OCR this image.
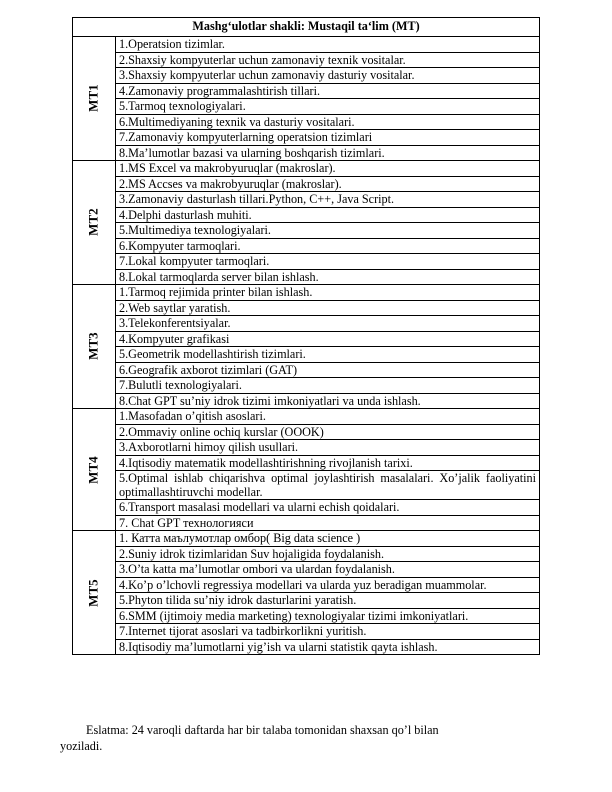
Mashg‘ulotlar shakli: Mustaqil ta‘lim (MT)	
MT1	1.Operatsion tizimlar.
	2.Shaxsiy kompyuterlar uchun zamonaviy texnik vositalar.
	3.Shaxsiy kompyuterlar uchun zamonaviy dasturiy vositalar.
	4.Zamonaviy programmalashtirish tillari.
	5.Tarmoq texnologiyalari.
	6.Multimediyaning texnik va dasturiy vositalari.
	7.Zamonaviy kompyuterlarning operatsion tizimlari
	8.Ma’lumotlar bazasi va ularning boshqarish tizimlari.
MT2	1.MS Excel va makrobyuruqlar (makroslar).
	2.MS Accses va makrobyuruqlar (makroslar).
	3.Zamonaviy dasturlash tillari.Python, C++, Java Script.
	4.Delphi dasturlash muhiti.
	5.Multimediya texnologiyalari.
	6.Kompyuter tarmoqlari.
	7.Lokal kompyuter tarmoqlari.
	8.Lokal tarmoqlarda server bilan ishlash.
MT3	1.Tarmoq rejimida printer bilan ishlash.
	2.Web saytlar yaratish.
	3.Telekonferentsiyalar.
	4.Kompyuter grafikasi
	5.Geometrik modellashtirish tizimlari.
	6.Geografik axborot tizimlari (GAT)
	7.Bulutli texnologiyalari.
	8.Chat GPT su’niy idrok tizimi imkoniyatlari va unda ishlash.
MT4	1.Masofadan o’qitish asoslari.
	2.Ommaviy online ochiq kurslar (OOOK)
	3.Axborotlarni himoy qilish usullari.
	4.Iqtisodiy matematik modellashtirishning rivojlanish tarixi.
	5.Optimal ishlab chiqarishva optimal joylashtirish masalalari. Xo’jalik faoliyatini optimallashtiruvchi modellar.
	6.Transport masalasi modellari va ularni echish qoidalari.
	7. Chat GPT технологияси
MT5	1. Катта маълумотлар омбор( Big data science )
	2.Suniy idrok tizimlaridan Suv hojaligida foydalanish.
	3.O’ta katta ma’lumotlar ombori va ulardan foydalanish.
	4.Ko’p o’lchovli regressiya modellari va ularda yuz beradigan muammolar.
	5.Phyton tilida su’niy idrok dasturlarini yaratish.
	6.SMM (ijtimoiy media marketing) texnologiyalar tizimi imkoniyatlari.
	7.Internet tijorat asoslari va tadbirkorlikni yuritish.
	8.Iqtisodiy ma’lumotlarni yig’ish va ularni statistik qayta ishlash.
Eslatma: 24 varoqli daftarda har bir talaba tomonidan shaxsan qo’l bilan
yoziladi.
